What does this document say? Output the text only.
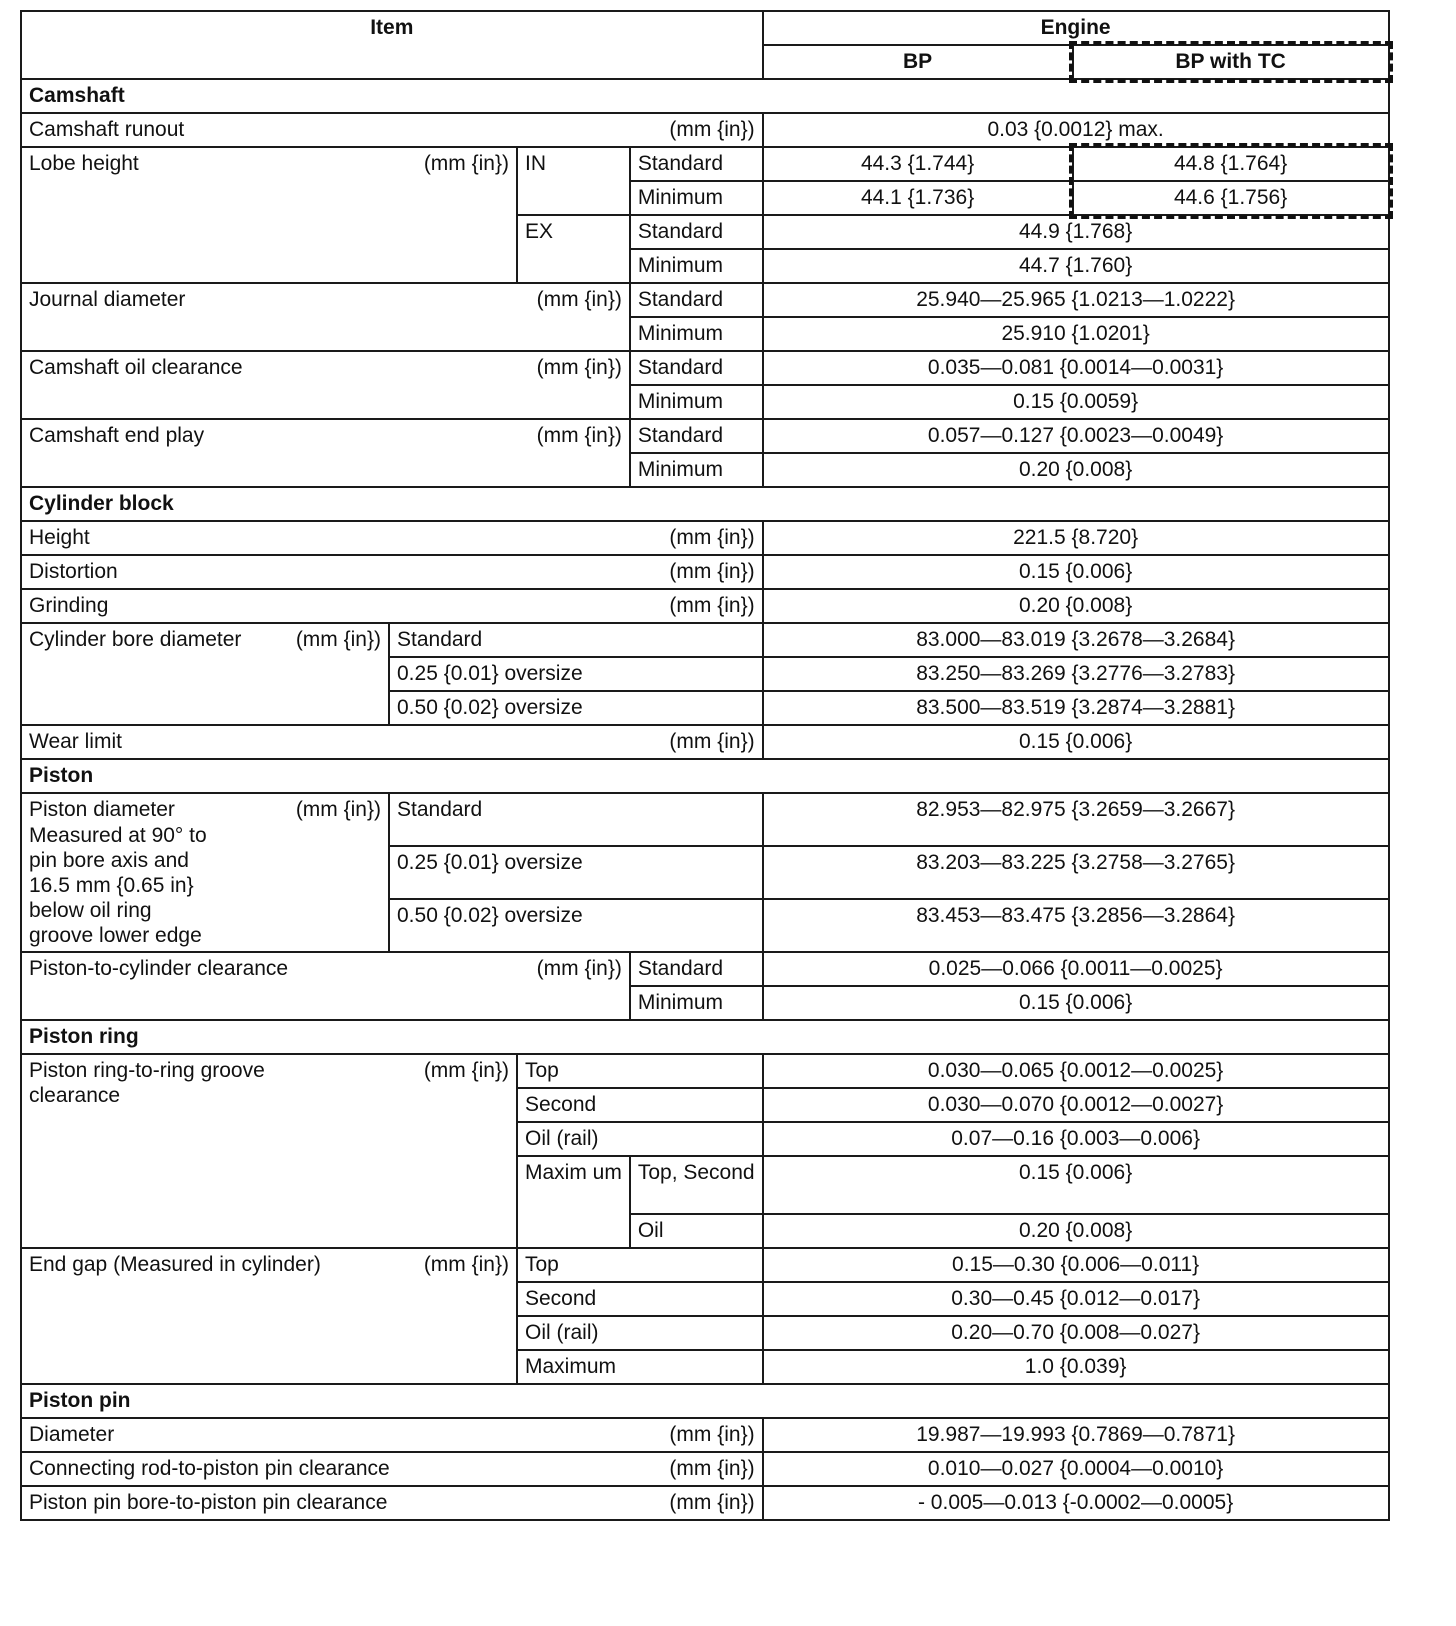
Item				Engine	
				BP	BP with TC
Camshaft					

Camshaft runout (mm {in})				0.03 {0.0012} max.	

Lobe height (mm {in})		IN	Standard	44.3 {1.744}	44.8 {1.764}
			Minimum	44.1 {1.736}	44.6 {1.756}
		EX	Standard	44.9 {1.768}	
			Minimum	44.7 {1.760}	

Journal diameter (mm {in})			Standard	25.940—25.965 {1.0213—1.0222}	
			Minimum	25.910 {1.0201}	

Camshaft oil clearance (mm {in})			Standard	0.035—0.081 {0.0014—0.0031}	
			Minimum	0.15 {0.0059}	

Camshaft end play (mm {in})			Standard	0.057—0.127 {0.0023—0.0049}	
			Minimum	0.20 {0.008}	
Cylinder block					

Height (mm {in})				221.5 {8.720}	

Distortion (mm {in})				0.15 {0.006}	

Grinding (mm {in})				0.20 {0.008}	

Cylinder bore diameter (mm {in})	Standard			83.000—83.019 {3.2678—3.2684}	
	0.25 {0.01} oversize			83.250—83.269 {3.2776—3.2783}	
	0.50 {0.02} oversize			83.500—83.519 {3.2874—3.2881}	

Wear limit (mm {in})				0.15 {0.006}	
Piston					

Piston diameter (mm {in})
Measured at 90° to pin bore axis and 16.5 mm {0.65 in} below oil ring groove lower edge	Standard			82.953—82.975 {3.2659—3.2667}	
	0.25 {0.01} oversize			83.203—83.225 {3.2758—3.2765}	
	0.50 {0.02} oversize			83.453—83.475 {3.2856—3.2864}	

Piston-to-cylinder clearance (mm {in})			Standard	0.025—0.066 {0.0011—0.0025}	
			Minimum	0.15 {0.006}	
Piston ring					

Piston ring-to-ring groove clearance
(mm {in})		Top		0.030—0.065 {0.0012—0.0025}	
		Second		0.030—0.070 {0.0012—0.0027}	
		Oil (rail)		0.07—0.16 {0.003—0.006}	
		Maxim um	Top, Second	0.15 {0.006}	
			Oil	0.20 {0.008}	

End gap (Measured in cylinder) (mm {in})		Top		0.15—0.30 {0.006—0.011}	
		Second		0.30—0.45 {0.012—0.017}	
		Oil (rail)		0.20—0.70 {0.008—0.027}	
		Maximum		1.0 {0.039}	
Piston pin					

Diameter (mm {in})				19.987—19.993 {0.7869—0.7871}	

Connecting rod-to-piston pin clearance (mm {in})				0.010—0.027 {0.0004—0.0010}	

Piston pin bore-to-piston pin clearance (mm {in})				- 0.005—0.013 {-0.0002—0.0005}	
